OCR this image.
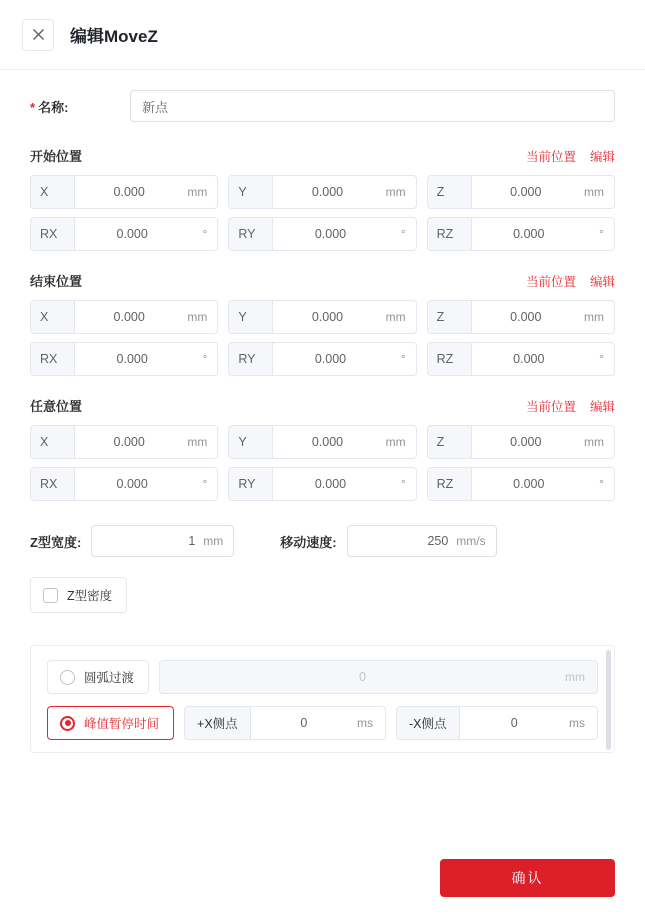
编辑MoveZ
* 名称:
新点
开始位置	当前位置 编辑
X	0.000	mm	Y	0.000	mm	Z	0.000	mm
RX	0.000	°	RY	0.000	°	RZ	0.000	°
结束位置	当前位置 编辑
X	0.000	mm	Y	0.000	mm	Z	0.000	mm
RX	0.000	°	RY	0.000	°	RZ	0.000	°
任意位置	当前位置 编辑
X	0.000	mm	Y	0.000	mm	Z	0.000	mm
RX	0.000	°	RY	0.000	°	RZ	0.000	°
Z型宽度:	1 mm	移动速度:	250 mm/s
Z型密度
圆弧过渡	0	mm
峰值暂停时间	+X侧点	0	ms	-X侧点	0	ms
确认
